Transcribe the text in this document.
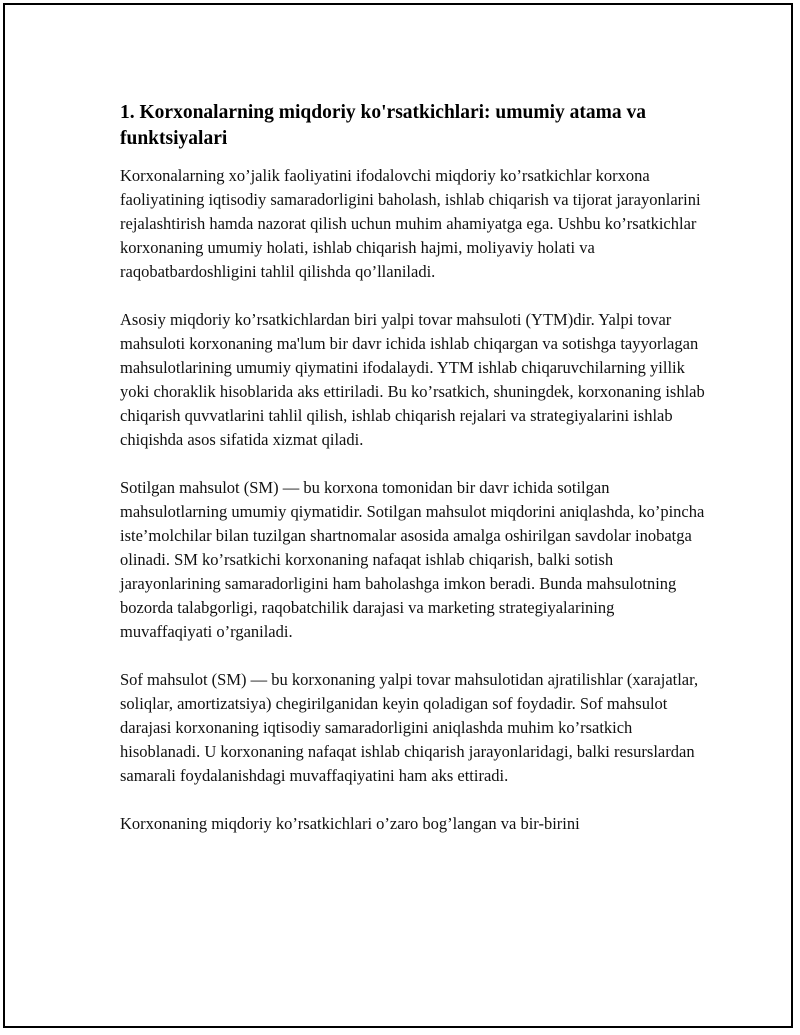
1. Korxonalarning miqdoriy ko'rsatkichlari: umumiy atama va funktsiyalari

Korxonalarning xo’jalik faoliyatini ifodalovchi miqdoriy ko’rsatkichlar korxona faoliyatining iqtisodiy samaradorligini baholash, ishlab chiqarish va tijorat jarayonlarini rejalashtirish hamda nazorat qilish uchun muhim ahamiyatga ega. Ushbu ko’rsatkichlar korxonaning umumiy holati, ishlab chiqarish hajmi, moliyaviy holati va raqobatbardoshligini tahlil qilishda qo’llaniladi.

Asosiy miqdoriy ko’rsatkichlardan biri yalpi tovar mahsuloti (YTM)dir. Yalpi tovar mahsuloti korxonaning ma'lum bir davr ichida ishlab chiqargan va sotishga tayyorlagan mahsulotlarining umumiy qiymatini ifodalaydi. YTM ishlab chiqaruvchilarning yillik yoki choraklik hisoblarida aks ettiriladi. Bu ko’rsatkich, shuningdek, korxonaning ishlab chiqarish quvvatlarini tahlil qilish, ishlab chiqarish rejalari va strategiyalarini ishlab chiqishda asos sifatida xizmat qiladi.

Sotilgan mahsulot (SM) — bu korxona tomonidan bir davr ichida sotilgan mahsulotlarning umumiy qiymatidir. Sotilgan mahsulot miqdorini aniqlashda, ko’pincha iste’molchilar bilan tuzilgan shartnomalar asosida amalga oshirilgan savdolar inobatga olinadi. SM ko’rsatkichi korxonaning nafaqat ishlab chiqarish, balki sotish jarayonlarining samaradorligini ham baholashga imkon beradi. Bunda mahsulotning bozorda talabgorligi, raqobatchilik darajasi va marketing strategiyalarining muvaffaqiyati o’rganiladi.

Sof mahsulot (SM) — bu korxonaning yalpi tovar mahsulotidan ajratilishlar (xarajatlar, soliqlar, amortizatsiya) chegirilganidan keyin qoladigan sof foydadir. Sof mahsulot darajasi korxonaning iqtisodiy samaradorligini aniqlashda muhim ko’rsatkich hisoblanadi. U korxonaning nafaqat ishlab chiqarish jarayonlaridagi, balki resurslardan samarali foydalanishdagi muvaffaqiyatini ham aks ettiradi.

Korxonaning miqdoriy ko’rsatkichlari o’zaro bog’langan va bir-birini
